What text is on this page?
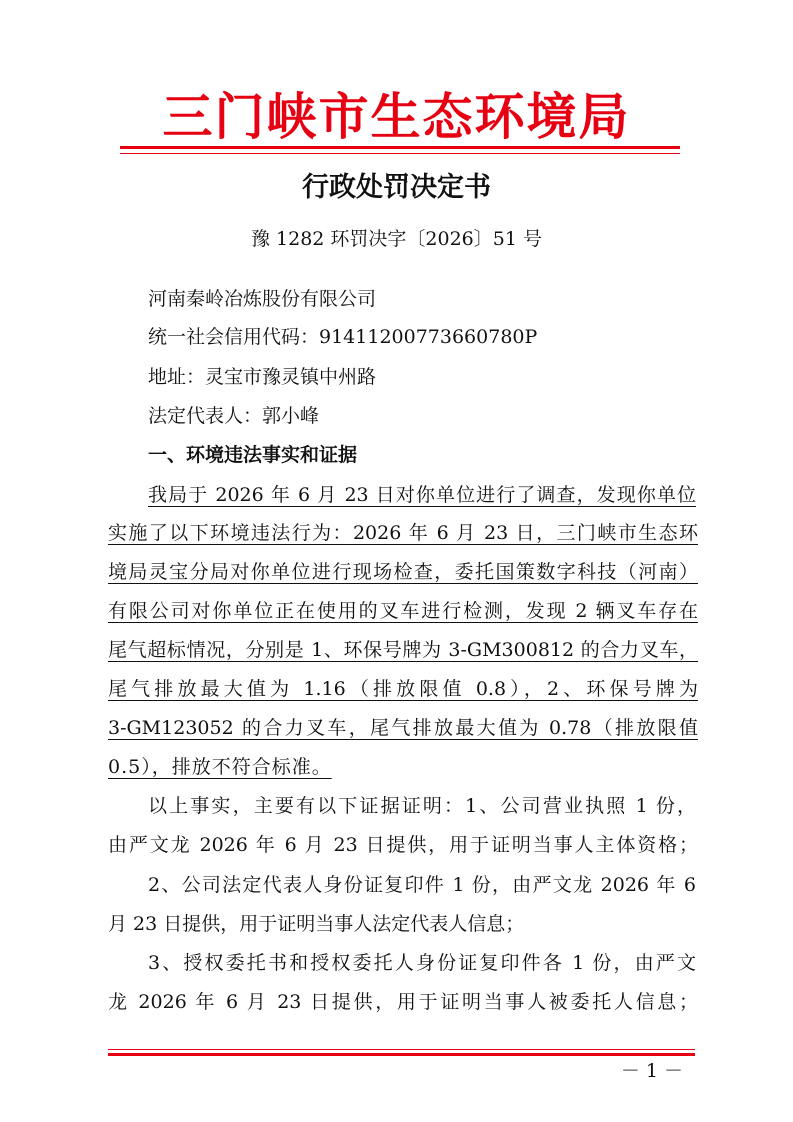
三门峡市生态环境局
行政处罚决定书
豫 1282 环罚决字〔2026〕51 号
河南秦岭冶炼股份有限公司
统一社会信用代码：91411200773660780P
地址：灵宝市豫灵镇中州路
法定代表人：郭小峰
一、环境违法事实和证据
我局于 2026 年 6 月 23 日对你单位进行了调查，发现你单位
实施了以下环境违法行为：2026 年 6 月 23 日，三门峡市生态环
境局灵宝分局对你单位进行现场检查，委托国策数字科技（河南）
有限公司对你单位正在使用的叉车进行检测，发现 2 辆叉车存在
尾气超标情况，分别是 1、环保号牌为 3-GM300812 的合力叉车，
尾气排放最大值为 1.16（排放限值 0.8），2、环保号牌为
3-GM123052 的合力叉车，尾气排放最大值为 0.78（排放限值
0.5），排放不符合标准。
以上事实，主要有以下证据证明：1、公司营业执照 1 份，
由严文龙 2026 年 6 月 23 日提供，用于证明当事人主体资格；
2、公司法定代表人身份证复印件 1 份，由严文龙 2026 年 6
月 23 日提供，用于证明当事人法定代表人信息；
3、授权委托书和授权委托人身份证复印件各 1 份，由严文
龙 2026 年 6 月 23 日提供，用于证明当事人被委托人信息；
－ 1 －
